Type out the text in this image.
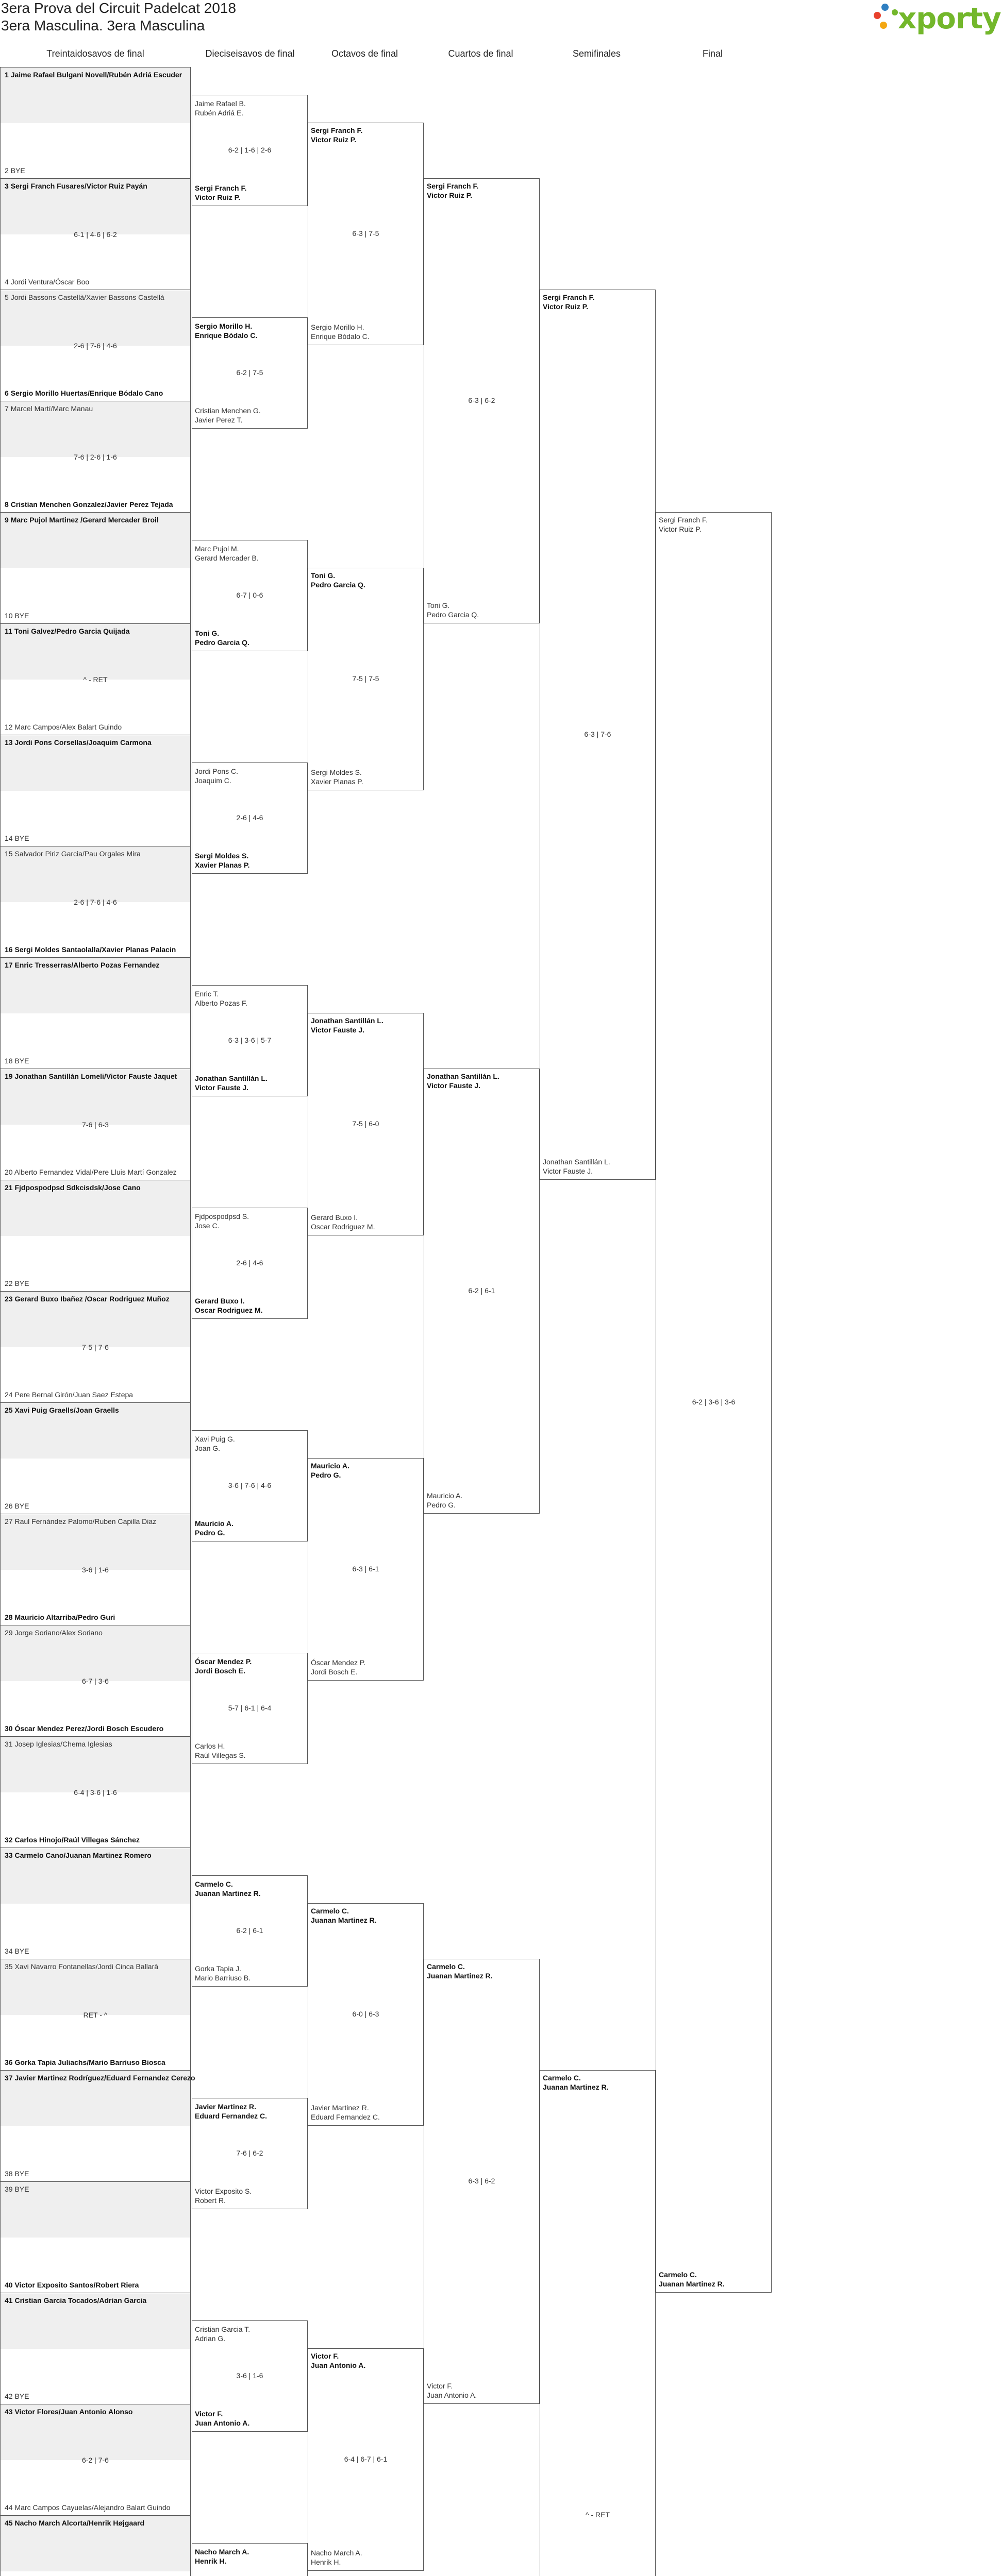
3era Prova del Circuit Padelcat 2018
3era Masculina. 3era Masculina	xporty
Treintaidosavos de final	Dieciseisavos de final	Octavos de final	Cuartos de final	Semifinales	Final
1 Jaime Rafael Bulgani Novell/Rubén Adriá Escuder
2 BYE
3 Sergi Franch Fusares/Victor Ruiz Payán
4 Jordi Ventura/Óscar Boo
6-1 | 4-6 | 6-2
5 Jordi Bassons Castellà/Xavier Bassons Castellà
6 Sergio Morillo Huertas/Enrique Bódalo Cano
2-6 | 7-6 | 4-6
7 Marcel Martí/Marc Manau
8 Cristian Menchen Gonzalez/Javier Perez Tejada
7-6 | 2-6 | 1-6
9 Marc Pujol Martinez /Gerard Mercader Broil
10 BYE
11 Toni Galvez/Pedro Garcia Quijada
12 Marc Campos/Alex Balart Guindo
^ - RET
13 Jordi Pons Corsellas/Joaquim Carmona
14 BYE
15 Salvador Piriz Garcia/Pau Orgales Mira
16 Sergi Moldes Santaolalla/Xavier Planas Palacin
2-6 | 7-6 | 4-6
17 Enric Tresserras/Alberto Pozas Fernandez
18 BYE
19 Jonathan Santillán Lomeli/Victor Fauste Jaquet
20 Alberto Fernandez Vidal/Pere Lluis Martí Gonzalez
7-6 | 6-3
21 Fjdpospodpsd Sdkcisdsk/Jose Cano
22 BYE
23 Gerard Buxo Ibañez /Oscar Rodriguez Muñoz
24 Pere Bernal Girón/Juan Saez Estepa
7-5 | 7-6
25 Xavi Puig Graells/Joan Graells
26 BYE
27 Raul Fernández Palomo/Ruben Capilla Diaz
28 Mauricio Altarriba/Pedro Guri
3-6 | 1-6
29 Jorge Soriano/Alex Soriano
30 Óscar Mendez Perez/Jordi Bosch Escudero
6-7 | 3-6
31 Josep Iglesias/Chema Iglesias
32 Carlos Hinojo/Raúl Villegas Sánchez
6-4 | 3-6 | 1-6
33 Carmelo Cano/Juanan Martinez Romero
34 BYE
35 Xavi Navarro Fontanellas/Jordi Cinca Ballarà
36 Gorka Tapia Juliachs/Mario Barriuso Biosca
RET - ^
37 Javier Martinez Rodríguez/Eduard Fernandez Cerezo
38 BYE
39 BYE
40 Victor Exposito Santos/Robert Riera
41 Cristian Garcia Tocados/Adrian Garcia
42 BYE
43 Victor Flores/Juan Antonio Alonso
44 Marc Campos Cayuelas/Alejandro Balart Guindo
6-2 | 7-6
45 Nacho March Alcorta/Henrik Højgaard
Jaime Rafael B.
Rubén Adriá E.
Sergi Franch F.
Victor Ruiz P.
6-2 | 1-6 | 2-6
Sergio Morillo H.
Enrique Bódalo C.
Cristian Menchen G.
Javier Perez T.
6-2 | 7-5
Marc Pujol M.
Gerard Mercader B.
Toni G.
Pedro Garcia Q.
6-7 | 0-6
Jordi Pons C.
Joaquim C.
Sergi Moldes S.
Xavier Planas P.
2-6 | 4-6
Enric T.
Alberto Pozas F.
Jonathan Santillán L.
Victor Fauste J.
6-3 | 3-6 | 5-7
Fjdpospodpsd S.
Jose C.
Gerard Buxo I.
Oscar Rodriguez M.
2-6 | 4-6
Xavi Puig G.
Joan G.
Mauricio A.
Pedro G.
3-6 | 7-6 | 4-6
Óscar Mendez P.
Jordi Bosch E.
Carlos H.
Raúl Villegas S.
5-7 | 6-1 | 6-4
Carmelo C.
Juanan Martinez R.
Gorka Tapia J.
Mario Barriuso B.
6-2 | 6-1
Javier Martinez R.
Eduard Fernandez C.
Victor Exposito S.
Robert R.
7-6 | 6-2
Cristian Garcia T.
Adrian G.
Victor F.
Juan Antonio A.
3-6 | 1-6
Nacho March A.
Henrik H.
Sergi Franch F.
Victor Ruiz P.
Sergio Morillo H.
Enrique Bódalo C.
6-3 | 7-5
Toni G.
Pedro Garcia Q.
Sergi Moldes S.
Xavier Planas P.
7-5 | 7-5
Jonathan Santillán L.
Victor Fauste J.
Gerard Buxo I.
Oscar Rodriguez M.
7-5 | 6-0
Mauricio A.
Pedro G.
Óscar Mendez P.
Jordi Bosch E.
6-3 | 6-1
Carmelo C.
Juanan Martinez R.
Javier Martinez R.
Eduard Fernandez C.
6-0 | 6-3
Victor F.
Juan Antonio A.
Nacho March A.
Henrik H.
6-4 | 6-7 | 6-1
Sergi Franch F.
Victor Ruiz P.
Toni G.
Pedro Garcia Q.
6-3 | 6-2
Jonathan Santillán L.
Victor Fauste J.
Mauricio A.
Pedro G.
6-2 | 6-1
Carmelo C.
Juanan Martinez R.
Victor F.
Juan Antonio A.
6-3 | 6-2
Sergi Franch F.
Victor Ruiz P.
Jonathan Santillán L.
Victor Fauste J.
6-3 | 7-6
Carmelo C.
Juanan Martinez R.
^ - RET
Sergi Franch F.
Victor Ruiz P.
Carmelo C.
Juanan Martinez R.
6-2 | 3-6 | 3-6
